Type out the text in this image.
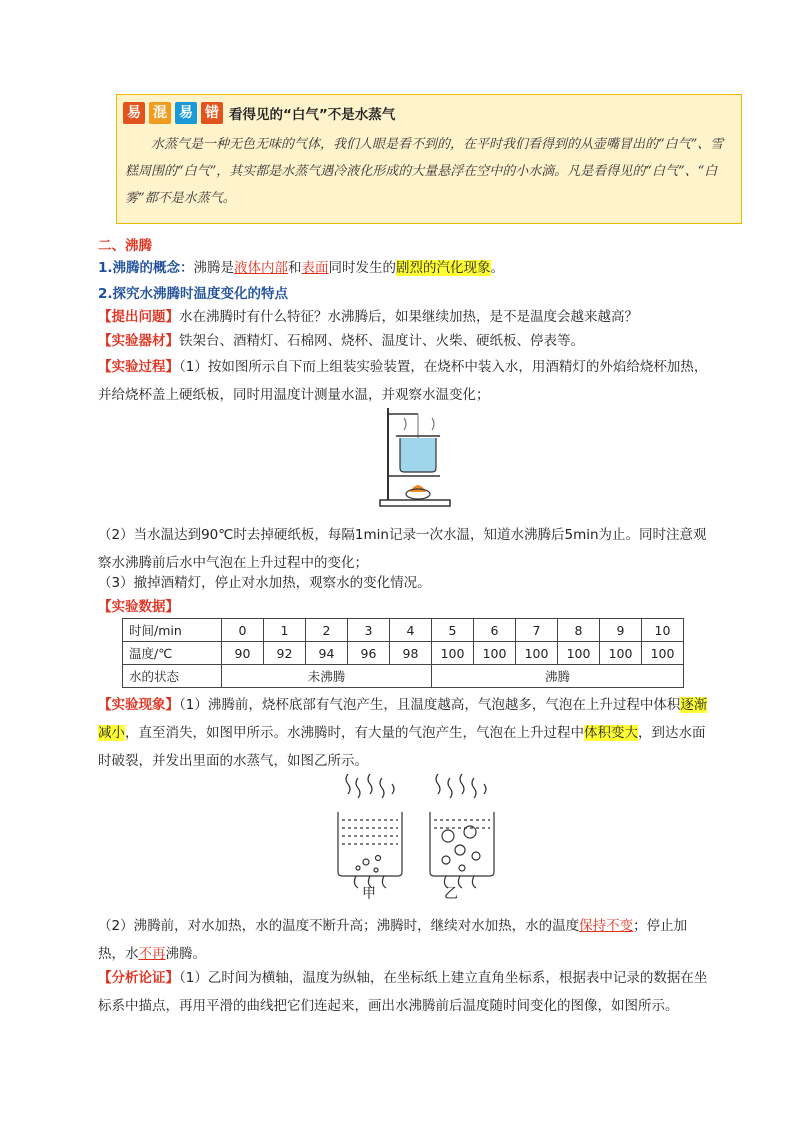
易 混 易 错 看得见的“白气”不是水蒸气
水蒸气是一种无色无味的气体，我们人眼是看不到的，在平时我们看得到的从壶嘴冒出的“白气”、雪糕周围的“白气”，其实都是水蒸气遇冷液化形成的大量悬浮在空中的小水滴。凡是看得见的“白气”、“白雾”都不是水蒸气。
二、沸腾
1.沸腾的概念：沸腾是液体内部和表面同时发生的剧烈的汽化现象。
2.探究水沸腾时温度变化的特点
【提出问题】水在沸腾时有什么特征？水沸腾后，如果继续加热，是不是温度会越来越高？
【实验器材】铁架台、酒精灯、石棉网、烧杯、温度计、火柴、硬纸板、停表等。
【实验过程】（1）按如图所示自下而上组装实验装置，在烧杯中装入水，用酒精灯的外焰给烧杯加热，并给烧杯盖上硬纸板，同时用温度计测量水温，并观察水温变化；
（2）当水温达到90℃时去掉硬纸板，每隔1min记录一次水温，知道水沸腾后5min为止。同时注意观察水沸腾前后水中气泡在上升过程中的变化；
（3）撤掉酒精灯，停止对水加热，观察水的变化情况。
【实验数据】
时间/min	0	1	2	3	4	5	6	7	8	9	10
温度/℃	90	92	94	96	98	100	100	100	100	100	100
水的状态	未沸腾					沸腾					
【实验现象】（1）沸腾前，烧杯底部有气泡产生，且温度越高，气泡越多，气泡在上升过程中体积逐渐减小，直至消失，如图甲所示。水沸腾时，有大量的气泡产生，气泡在上升过程中体积变大，到达水面时破裂，并发出里面的水蒸气，如图乙所示。
甲	乙
（2）沸腾前，对水加热，水的温度不断升高；沸腾时，继续对水加热，水的温度保持不变；停止加热，水不再沸腾。
【分析论证】（1）乙时间为横轴，温度为纵轴，在坐标纸上建立直角坐标系，根据表中记录的数据在坐标系中描点，再用平滑的曲线把它们连起来，画出水沸腾前后温度随时间变化的图像，如图所示。
